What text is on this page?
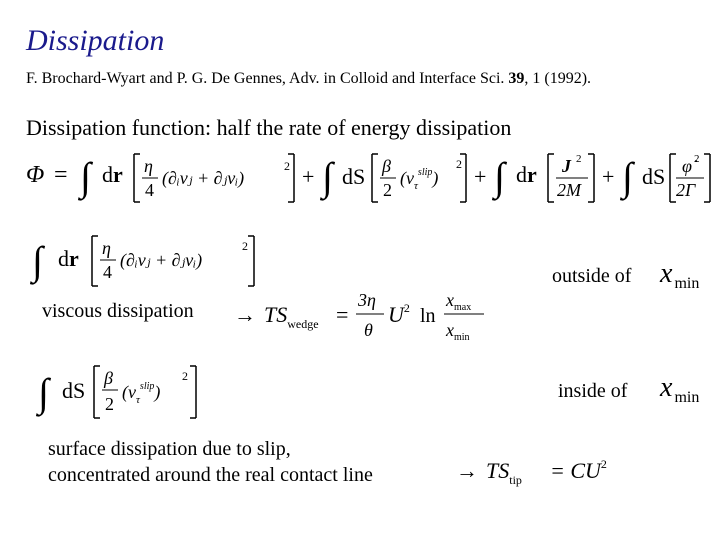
Dissipation
F. Brochard-Wyart and P. G. De Gennes, Adv. in Colloid and Interface Sci. 39, 1 (1992).
Dissipation function: half the rate of energy dissipation
Φ = ∫ dr η
4
(∂ᵢvⱼ + ∂ⱼvᵢ)
2 + ∫ dS β
2
$(v_\tau^{slip})$
2 + ∫ dr J 2
2M
+ ∫ dS φ̇ 2
2Γ
∫ dr η
4
(∂ᵢvⱼ + ∂ⱼvᵢ)
2
outside of x $_{min}$
viscous dissipation → $TS_{wedge}$ =
3η
θ
$U^2$ ln
$x_{max}$
$x_{min}$
∫ dS β
2
$(v_\tau^{slip})$
2
inside of x $_{min}$
surface dissipation due to slip,
concentrated around the real contact line	→ $TS_{tip} = CU^2$
